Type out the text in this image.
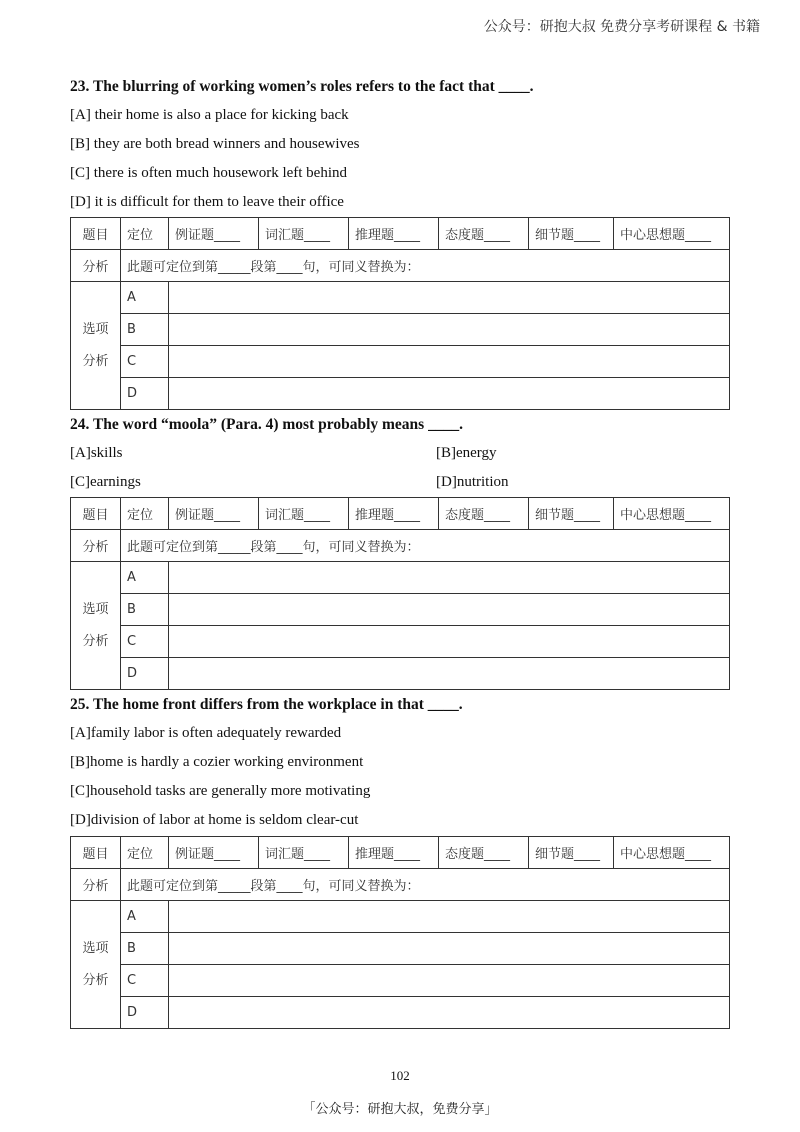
公众号：研抱大叔 免费分享考研课程 & 书籍
23. The blurring of working women’s roles refers to the fact that ____.
[A] their home is also a place for kicking back
[B] they are both bread winners and housewives
[C] there is often much housework left behind
[D] it is difficult for them to leave their office
题目	定位	例证题____	词汇题____	推理题____	态度题____	细节题____	中心思想题____
分析	此题可定位到第_____段第____句，可同义替换为：						

选项
分析	A						
	B						
	C						
	D						
24. The word “moola” (Para. 4) most probably means ____.
[A]skills	[B]energy
[C]earnings	[D]nutrition
题目	定位	例证题____	词汇题____	推理题____	态度题____	细节题____	中心思想题____
分析	此题可定位到第_____段第____句，可同义替换为：						

选项
分析	A						
	B						
	C						
	D						
25. The home front differs from the workplace in that ____.
[A]family labor is often adequately rewarded
[B]home is hardly a cozier working environment
[C]household tasks are generally more motivating
[D]division of labor at home is seldom clear-cut
题目	定位	例证题____	词汇题____	推理题____	态度题____	细节题____	中心思想题____
分析	此题可定位到第_____段第____句，可同义替换为：						

选项
分析	A						
	B						
	C						
	D						
102
「公众号：研抱大叔，免费分享」
